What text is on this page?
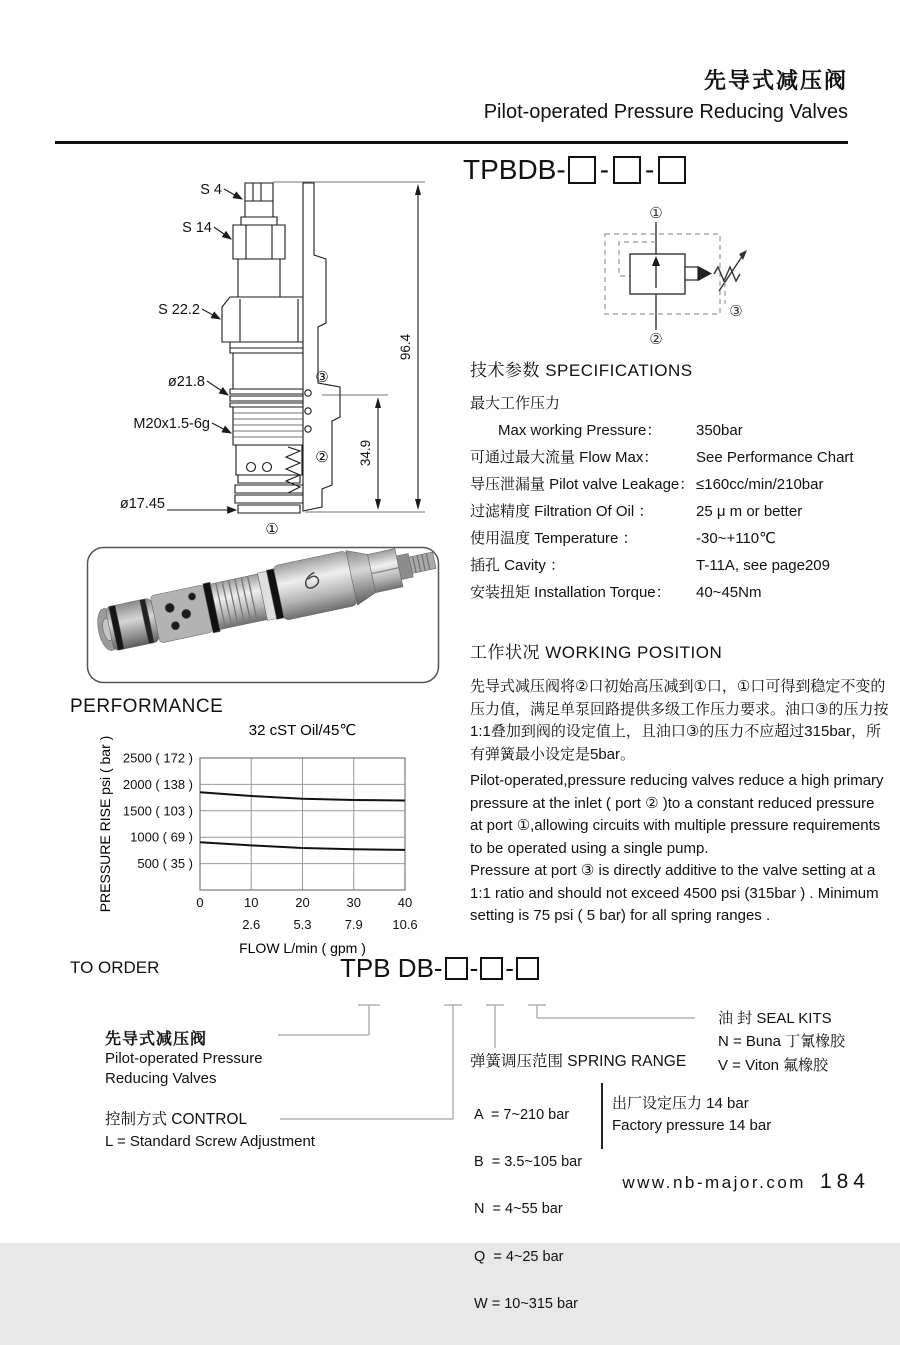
先导式减压阀
Pilot-operated Pressure Reducing Valves
TPBDB- - -
①
③
②
96.4
34.9
S 4
S 14
S 22.2
ø21.8
M20x1.5-6g
ø17.45
③
②
①
PERFORMANCE
2500 ( 172 )
2000 ( 138 )
1500 ( 103 )
1000 ( 69 )
500 ( 35 )
0	10	20	30	40
2.6	5.3	7.9 10.6
32 cST Oil/45℃
FLOW L/min ( gpm )
PRESSURE RISE psi ( bar )
技术参数 SPECIFICATIONS
最大工作压力
Max working Pressure：	350bar
可通过最大流量 Flow Max：	See Performance Chart
导压泄漏量 Pilot valve Leakage： ≤160cc/min/210bar
过滤精度 Filtration Of Oil ：	25 μ m or better
使用温度 Temperature ：	-30~+110℃
插孔 Cavity ：	T-11A, see page209
安装扭矩 Installation Torque：	40~45Nm
工作状况 WORKING POSITION
先导式减压阀将②口初始高压减到①口，①口可得到稳定不变的压力值，满足单泵回路提供多级工作压力要求。油口③的压力按1:1叠加到阀的设定值上，且油口③的压力不应超过315bar，所有弹簧最小设定是5bar。

Pilot-operated,pressure reducing valves reduce a high primary pressure at the inlet ( port ② )to a constant reduced pressure at port ①,allowing circuits with multiple pressure requirements to be operated using a single pump.

Pressure at port ③ is directly additive to the valve setting at a 1:1 ratio and should not exceed 4500 psi (315bar ) . Minimum setting is 75 psi ( 5 bar) for all spring ranges .

TO ORDER	TPB DB- - -
先导式减压阀
Pilot-operated Pressure
Reducing Valves
控制方式 CONTROL
L = Standard Screw Adjustment
弹簧调压范围 SPRING RANGE

A  = 7~210 bar

B  = 3.5~105 bar

N  = 4~55 bar

Q  = 4~25 bar

W = 10~315 bar

出厂设定压力 14 bar
Factory pressure 14 bar
油 封 SEAL KITS
N = Buna 丁氰橡胶
V = Viton 氟橡胶
www.nb-major.com 184
